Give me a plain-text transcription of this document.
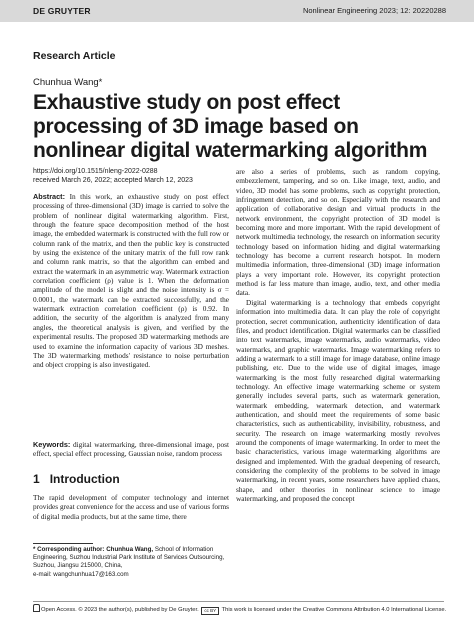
DE GRUYTER	Nonlinear Engineering 2023; 12: 20220288
Research Article
Chunhua Wang*
Exhaustive study on post effect processing of 3D image based on nonlinear digital watermarking algorithm
https://doi.org/10.1515/nleng-2022-0288
received March 26, 2022; accepted March 12, 2023
Abstract: In this work, an exhaustive study on post effect processing of three-dimensional (3D) image is carried to solve the problem of nonlinear digital watermarking algorithm. First, through the feature space decomposition method of the host image, the embedded watermark is constructed with the full row or column rank of the matrix, and then the public key is constructed by using the existence of the unitary matrix of the full row rank and column rank matrix, so that the algorithm can embed and extract the watermark in an asymmetric way. Watermark extraction correlation coefficient (ρ) value is 1. When the deformation amplitude of the model is slight and the noise intensity is σ = 0.0001, the watermark can be extracted successfully, and the watermark extraction correlation coefficient (ρ) is 0.92. In addition, the security of the algorithm is analyzed from many angles, the theoretical analysis is given, and verified by the experimental results. The proposed 3D watermarking methods are used to examine the information capacity of various 3D meshes. The 3D watermarking methods' resistance to noise perturbation and object cropping is also investigated.
Keywords: digital watermarking, three-dimensional image, post effect, special effect processing, Gaussian noise, random process
1 Introduction
The rapid development of computer technology and internet provides great convenience for the access and use of various forms of digital media products, but at the same time, there
* Corresponding author: Chunhua Wang, School of Information Engineering, Suzhou Industrial Park Institute of Services Outsourcing, Suzhou, Jiangsu 215000, China,
e-mail: wangchunhua17@163.com

are also a series of problems, such as random copying, embezzlement, tampering, and so on. Like image, text, audio, and video, 3D model has some problems, such as copyright protection, infringement detection, and so on. Especially with the research and application of collaborative design and virtual products in the network environment, the copyright protection of 3D model is becoming more and more important. With the rapid development of network multimedia technology, the research on information security technology based on information hiding and digital watermarking technology has become a current research hotspot. In modern multimedia information, three-dimensional (3D) image information plays a very important role. However, its copyright protection method is far less mature than image, audio, text, and other media data.

Digital watermarking is a technology that embeds copyright information into multimedia data. It can play the role of copyright protection, secret communication, authenticity identification of data files, and product identification. Digital watermarks can be classified into text watermarks, image watermarks, audio watermarks, video watermarks, and graphic watermarks. Image watermarking refers to adding a watermark to a still image for image database, online image publishing, etc. Due to the wide use of digital images, image watermarking is the most fully researched digital watermarking technology. An effective image watermarking scheme or system generally includes several parts, such as watermark generation, watermark embedding, watermark detection, and watermark authentication, and should meet the requirements of some basic characteristics, such as authenticability, invisibility, robustness, and security. The research on image watermarking mostly revolves around the components of image watermarking. In order to meet the basic characteristics, various image watermarking algorithms are designed and implemented. With the gradual deepening of research, considering the complexity of the problems to be solved in image watermarking, in recent years, some researchers have applied chaos, shape, and other theories in nonlinear science to image watermarking, and proposed the concept

Open Access. © 2023 the author(s), published by De Gruyter. cc BY This work is licensed under the Creative Commons Attribution 4.0 International License.
